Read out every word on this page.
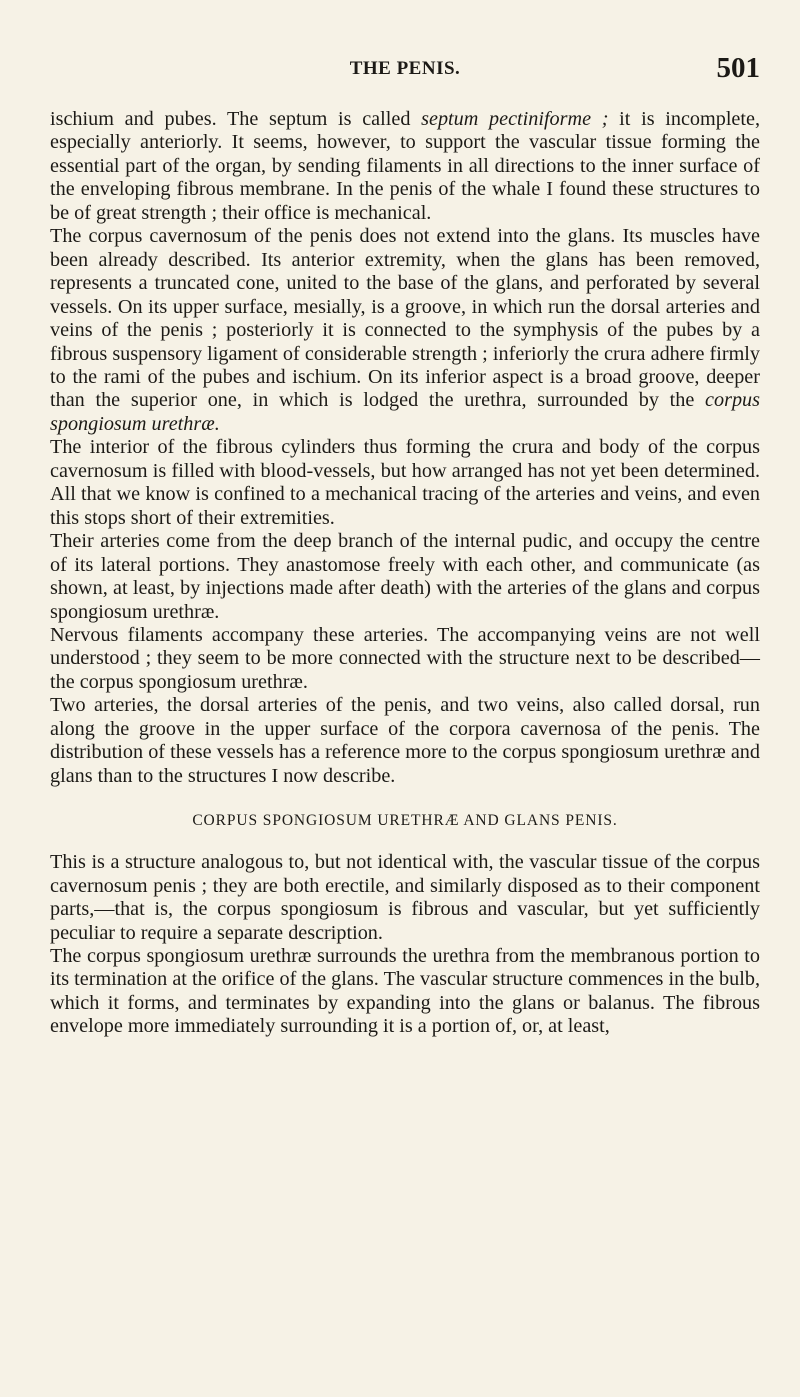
THE PENIS.	501

ischium and pubes. The septum is called septum pectiniforme ; it is incomplete, especially anteriorly. It seems, however, to support the vascular tissue forming the essential part of the organ, by sending filaments in all directions to the inner surface of the enveloping fibrous membrane. In the penis of the whale I found these structures to be of great strength ; their office is mechanical.

The corpus cavernosum of the penis does not extend into the glans. Its muscles have been already described. Its anterior extremity, when the glans has been removed, represents a truncated cone, united to the base of the glans, and perforated by several vessels. On its upper surface, mesially, is a groove, in which run the dorsal arteries and veins of the penis ; posteriorly it is connected to the symphysis of the pubes by a fibrous suspensory ligament of considerable strength ; inferiorly the crura adhere firmly to the rami of the pubes and ischium. On its inferior aspect is a broad groove, deeper than the superior one, in which is lodged the urethra, surrounded by the corpus spongiosum urethræ.

The interior of the fibrous cylinders thus forming the crura and body of the corpus cavernosum is filled with blood-vessels, but how arranged has not yet been determined. All that we know is confined to a mechanical tracing of the arteries and veins, and even this stops short of their extremities.

Their arteries come from the deep branch of the internal pudic, and occupy the centre of its lateral portions. They anastomose freely with each other, and communicate (as shown, at least, by injections made after death) with the arteries of the glans and corpus spongiosum urethræ.

Nervous filaments accompany these arteries. The accompanying veins are not well understood ; they seem to be more connected with the structure next to be described—the corpus spongiosum urethræ.

Two arteries, the dorsal arteries of the penis, and two veins, also called dorsal, run along the groove in the upper surface of the corpora cavernosa of the penis. The distribution of these vessels has a reference more to the corpus spongiosum urethræ and glans than to the structures I now describe.

CORPUS SPONGIOSUM URETHRÆ AND GLANS PENIS.

This is a structure analogous to, but not identical with, the vascular tissue of the corpus cavernosum penis ; they are both erectile, and similarly disposed as to their component parts,—that is, the corpus spongiosum is fibrous and vascular, but yet sufficiently peculiar to require a separate description.

The corpus spongiosum urethræ surrounds the urethra from the membranous portion to its termination at the orifice of the glans. The vascular structure commences in the bulb, which it forms, and terminates by expanding into the glans or balanus. The fibrous envelope more immediately surrounding it is a portion of, or, at least,
